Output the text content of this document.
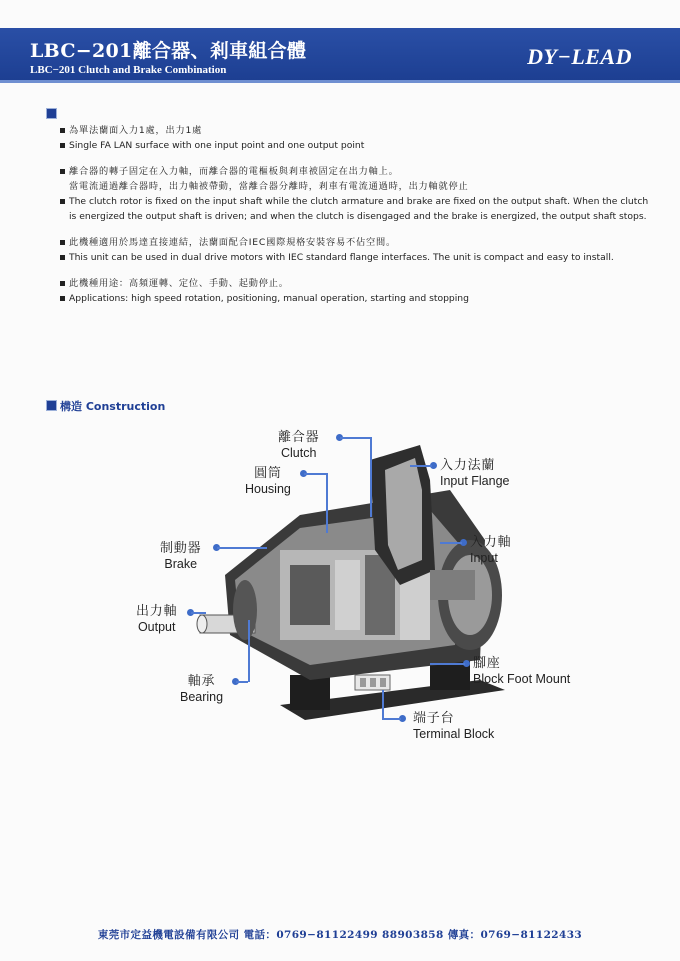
LBC−201離合器、剎車組合體
LBC−201 Clutch and Brake Combination
DY−LEAD
為單法蘭面入力1處，出力1處
Single FA LAN surface with one input point and one output point
離合器的轉子固定在入力軸，而離合器的電樞板與剎車被固定在出力軸上。
當電流通過離合器時，出力軸被帶動，當離合器分離時，剎車有電流通過時，出力軸就停止
The clutch rotor is fixed on the input shaft while the clutch armature and brake are fixed on the output shaft. When the clutch
is energized the output shaft is driven; and when the clutch is disengaged and the brake is energized, the output shaft stops.
此機種適用於馬達直接連結，法蘭面配合IEC國際規格安裝容易不佔空間。
This unit can be used in dual drive motors with IEC standard flange interfaces. The unit is compact and easy to install.
此機種用途：高頻運轉、定位、手動、起動停止。
Applications: high speed rotation, positioning, manual operation, starting and stopping
構造 Construction
離合器
Clutch
圓筒
Housing
制動器
Brake
出力軸
Output
軸承
Bearing
入力法蘭
Input Flange
入力軸
Input
腳座
Block Foot Mount
端子台
Terminal Block
東莞市定益機電設備有限公司 電話：0769−81122499 88903858 傳真：0769−81122433
